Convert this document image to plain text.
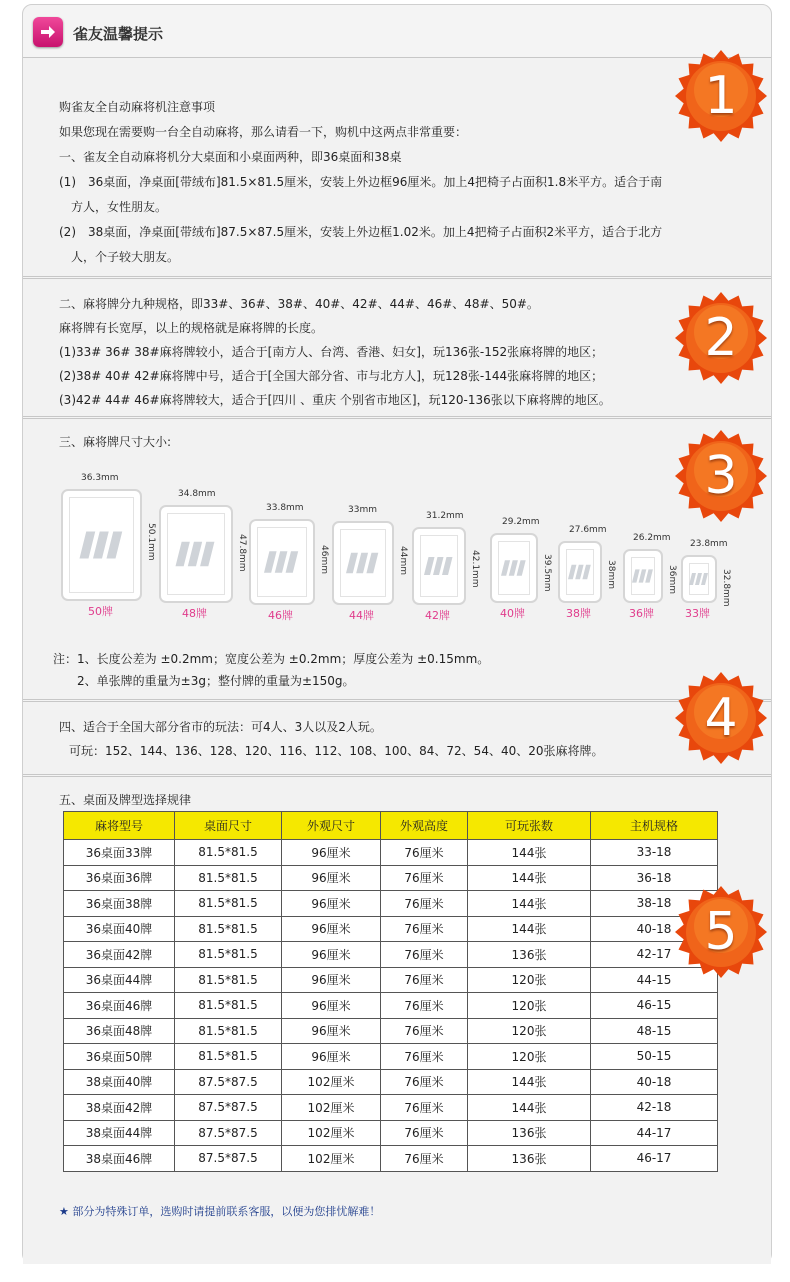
雀友温馨提示
购雀友全自动麻将机注意事项
如果您现在需要购一台全自动麻将，那么请看一下，购机中这两点非常重要：
一、雀友全自动麻将机分大桌面和小桌面两种，即36桌面和38桌
(1)　36桌面，净桌面[带绒布]81.5×81.5厘米，安装上外边框96厘米。加上4把椅子占面积1.8米平方。适合于南
　方人，女性朋友。
(2)　38桌面，净桌面[带绒布]87.5×87.5厘米，安装上外边框1.02米。加上4把椅子占面积2米平方，适合于北方
　人，个子较大朋友。
二、麻将牌分九种规格，即33#、36#、38#、40#、42#、44#、46#、48#、50#。
麻将牌有长宽厚，以上的规格就是麻将牌的长度。
(1)33# 36# 38#麻将牌较小，适合于[南方人、台湾、香港、妇女]，玩136张-152张麻将牌的地区；
(2)38# 40# 42#麻将牌中号，适合于[全国大部分省、市与北方人]，玩128张-144张麻将牌的地区；
(3)42# 44# 46#麻将牌较大，适合于[四川 、重庆 个别省市地区]，玩120-136张以下麻将牌的地区。
三、麻将牌尺寸大小:
36.3mm
50.1mm
50牌
34.8mm
47.8mm
48牌
33.8mm
46mm
46牌
33mm
44mm
44牌
31.2mm
42.1mm
42牌
29.2mm
39.5mm
40牌
27.6mm
38mm
38牌
26.2mm
36mm
36牌
23.8mm
32.8mm
33牌
注：1、长度公差为 ±0.2mm；宽度公差为 ±0.2mm；厚度公差为 ±0.15mm。
2、单张牌的重量为±3g；整付牌的重量为±150g。
四、适合于全国大部分省市的玩法：可4人、3人以及2人玩。
可玩：152、144、136、128、120、116、112、108、100、84、72、54、40、20张麻将牌。
五、桌面及牌型选择规律
麻将型号	桌面尺寸	外观尺寸	外观高度	可玩张数	主机规格
36桌面33牌	81.5*81.5	96厘米	76厘米	144张	33-18
36桌面36牌	81.5*81.5	96厘米	76厘米	144张	36-18
36桌面38牌	81.5*81.5	96厘米	76厘米	144张	38-18
36桌面40牌	81.5*81.5	96厘米	76厘米	144张	40-18
36桌面42牌	81.5*81.5	96厘米	76厘米	136张	42-17
36桌面44牌	81.5*81.5	96厘米	76厘米	120张	44-15
36桌面46牌	81.5*81.5	96厘米	76厘米	120张	46-15
36桌面48牌	81.5*81.5	96厘米	76厘米	120张	48-15
36桌面50牌	81.5*81.5	96厘米	76厘米	120张	50-15
38桌面40牌	87.5*87.5	102厘米	76厘米	144张	40-18
38桌面42牌	87.5*87.5	102厘米	76厘米	144张	42-18
38桌面44牌	87.5*87.5	102厘米	76厘米	136张	44-17
38桌面46牌	87.5*87.5	102厘米	76厘米	136张	46-17
★ 部分为特殊订单，选购时请提前联系客服，以便为您排忧解难！
1
2
3
4
5
